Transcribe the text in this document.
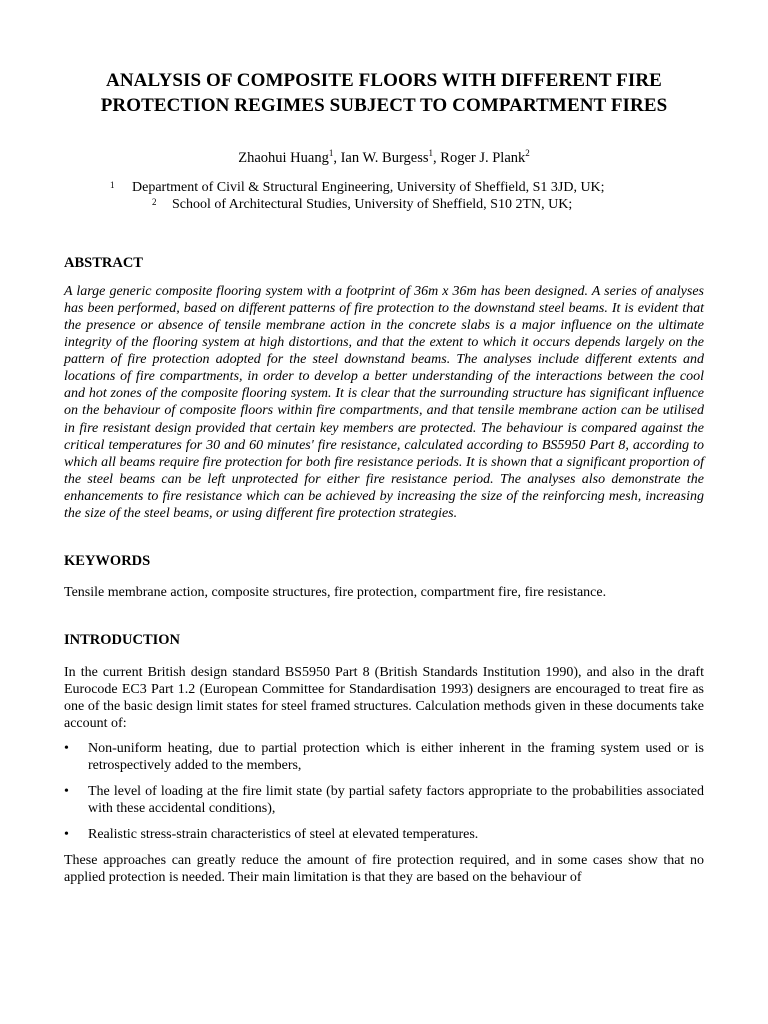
ANALYSIS OF COMPOSITE FLOORS WITH DIFFERENT FIRE
PROTECTION REGIMES SUBJECT TO COMPARTMENT FIRES
Zhaohui Huang$^1$, Ian W. Burgess$^1$, Roger J. Plank$^2$
1	Department of Civil & Structural Engineering, University of Sheffield, S1 3JD, UK;
2	School of Architectural Studies, University of Sheffield, S10 2TN, UK;
ABSTRACT

A large generic composite flooring system with a footprint of 36m x 36m has been designed. A series of analyses has been performed, based on different patterns of fire protection to the downstand steel beams. It is evident that the presence or absence of tensile membrane action in the concrete slabs is a major influence on the ultimate integrity of the flooring system at high distortions, and that the extent to which it occurs depends largely on the pattern of fire protection adopted for the steel downstand beams. The analyses include different extents and locations of fire compartments, in order to develop a better understanding of the interactions between the cool and hot zones of the composite flooring system. It is clear that the surrounding structure has significant influence on the behaviour of composite floors within fire compartments, and that tensile membrane action can be utilised in fire resistant design provided that certain key members are protected. The behaviour is compared against the critical temperatures for 30 and 60 minutes' fire resistance, calculated according to BS5950 Part 8, according to which all beams require fire protection for both fire resistance periods. It is shown that a significant proportion of the steel beams can be left unprotected for either fire resistance period. The analyses also demonstrate the enhancements to fire resistance which can be achieved by increasing the size of the reinforcing mesh, increasing the size of the steel beams, or using different fire protection strategies.

KEYWORDS

Tensile membrane action, composite structures, fire protection, compartment fire, fire resistance.

INTRODUCTION

In the current British design standard BS5950 Part 8 (British Standards Institution 1990), and also in the draft Eurocode EC3 Part 1.2 (European Committee for Standardisation 1993) designers are encouraged to treat fire as one of the basic design limit states for steel framed structures. Calculation methods given in these documents take account of:

•	Non-uniform heating, due to partial protection which is either inherent in the framing system used or is retrospectively added to the members,
•	The level of loading at the fire limit state (by partial safety factors appropriate to the probabilities associated with these accidental conditions),
•	Realistic stress-strain characteristics of steel at elevated temperatures.

These approaches can greatly reduce the amount of fire protection required, and in some cases show that no applied protection is needed. Their main limitation is that they are based on the behaviour of
